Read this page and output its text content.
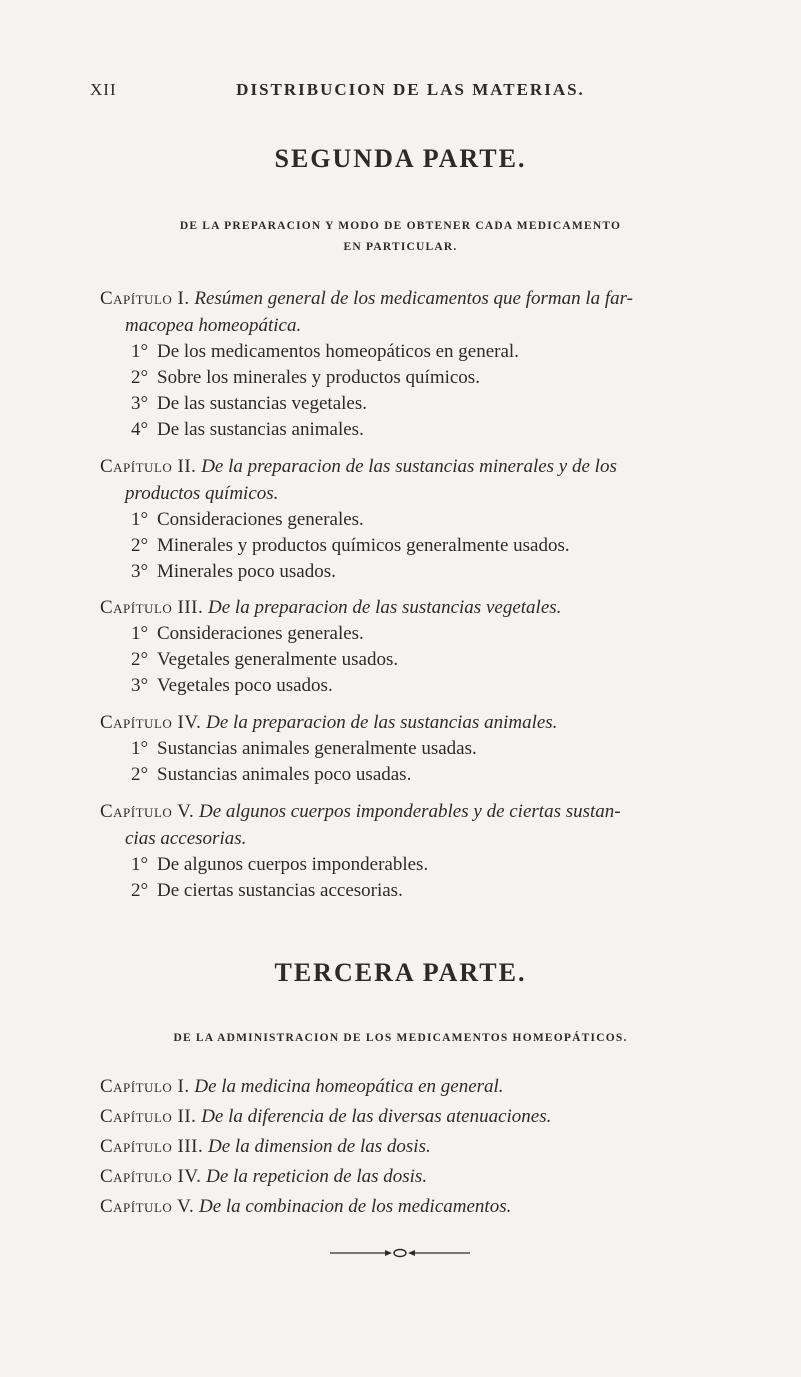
XII	DISTRIBUCION DE LAS MATERIAS.
SEGUNDA PARTE.
DE LA PREPARACION Y MODO DE OBTENER CADA MEDICAMENTO
EN PARTICULAR.
Capítulo I. Resúmen general de los medicamentos que forman la far-
macopea homeopática.
1° De los medicamentos homeopáticos en general.
2° Sobre los minerales y productos químicos.
3° De las sustancias vegetales.
4° De las sustancias animales.
Capítulo II. De la preparacion de las sustancias minerales y de los
productos químicos.
1° Consideraciones generales.
2° Minerales y productos químicos generalmente usados.
3° Minerales poco usados.
Capítulo III. De la preparacion de las sustancias vegetales.
1° Consideraciones generales.
2° Vegetales generalmente usados.
3° Vegetales poco usados.
Capítulo IV. De la preparacion de las sustancias animales.
1° Sustancias animales generalmente usadas.
2° Sustancias animales poco usadas.
Capítulo V. De algunos cuerpos imponderables y de ciertas sustan-
cias accesorias.
1° De algunos cuerpos imponderables.
2° De ciertas sustancias accesorias.
TERCERA PARTE.
DE LA ADMINISTRACION DE LOS MEDICAMENTOS HOMEOPÁTICOS.
Capítulo I. De la medicina homeopática en general.
Capítulo II. De la diferencia de las diversas atenuaciones.
Capítulo III. De la dimension de las dosis.
Capítulo IV. De la repeticion de las dosis.
Capítulo V. De la combinacion de los medicamentos.
